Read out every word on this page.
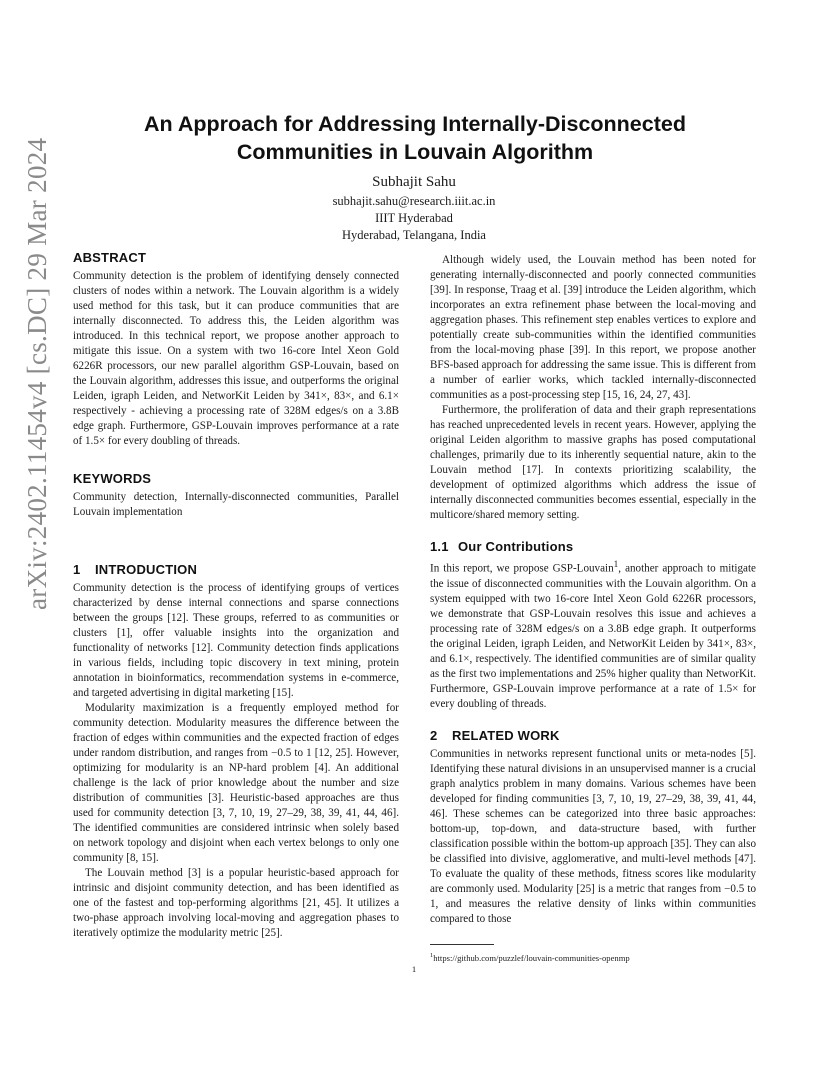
arXiv:2402.11454v4 [cs.DC] 29 Mar 2024
An Approach for Addressing Internally-Disconnected Communities in Louvain Algorithm
Subhajit Sahu
subhajit.sahu@research.iiit.ac.in
IIIT Hyderabad
Hyderabad, Telangana, India
ABSTRACT

Community detection is the problem of identifying densely connected clusters of nodes within a network. The Louvain algorithm is a widely used method for this task, but it can produce communities that are internally disconnected. To address this, the Leiden algorithm was introduced. In this technical report, we propose another approach to mitigate this issue. On a system with two 16-core Intel Xeon Gold 6226R processors, our new parallel algorithm GSP-Louvain, based on the Louvain algorithm, addresses this issue, and outperforms the original Leiden, igraph Leiden, and NetworKit Leiden by 341×, 83×, and 6.1× respectively - achieving a processing rate of 328M edges/s on a 3.8B edge graph. Furthermore, GSP-Louvain improves performance at a rate of 1.5× for every doubling of threads.

KEYWORDS

Community detection, Internally-disconnected communities, Parallel Louvain implementation

1 INTRODUCTION

Community detection is the process of identifying groups of vertices characterized by dense internal connections and sparse connections between the groups [12]. These groups, referred to as communities or clusters [1], offer valuable insights into the organization and functionality of networks [12]. Community detection finds applications in various fields, including topic discovery in text mining, protein annotation in bioinformatics, recommendation systems in e-commerce, and targeted advertising in digital marketing [15].

Modularity maximization is a frequently employed method for community detection. Modularity measures the difference between the fraction of edges within communities and the expected fraction of edges under random distribution, and ranges from −0.5 to 1 [12, 25]. However, optimizing for modularity is an NP-hard problem [4]. An additional challenge is the lack of prior knowledge about the number and size distribution of communities [3]. Heuristic-based approaches are thus used for community detection [3, 7, 10, 19, 27–29, 38, 39, 41, 44, 46]. The identified communities are considered intrinsic when solely based on network topology and disjoint when each vertex belongs to only one community [8, 15].

The Louvain method [3] is a popular heuristic-based approach for intrinsic and disjoint community detection, and has been identified as one of the fastest and top-performing algorithms [21, 45]. It utilizes a two-phase approach involving local-moving and aggregation phases to iteratively optimize the modularity metric [25].

Although widely used, the Louvain method has been noted for generating internally-disconnected and poorly connected communities [39]. In response, Traag et al. [39] introduce the Leiden algorithm, which incorporates an extra refinement phase between the local-moving and aggregation phases. This refinement step enables vertices to explore and potentially create sub-communities within the identified communities from the local-moving phase [39]. In this report, we propose another BFS-based approach for addressing the same issue. This is different from a number of earlier works, which tackled internally-disconnected communities as a post-processing step [15, 16, 24, 27, 43].

Furthermore, the proliferation of data and their graph representations has reached unprecedented levels in recent years. However, applying the original Leiden algorithm to massive graphs has posed computational challenges, primarily due to its inherently sequential nature, akin to the Louvain method [17]. In contexts prioritizing scalability, the development of optimized algorithms which address the issue of internally disconnected communities becomes essential, especially in the multicore/shared memory setting.

1.1 Our Contributions

In this report, we propose GSP-Louvain$^1$, another approach to mitigate the issue of disconnected communities with the Louvain algorithm. On a system equipped with two 16-core Intel Xeon Gold 6226R processors, we demonstrate that GSP-Louvain resolves this issue and achieves a processing rate of 328M edges/s on a 3.8B edge graph. It outperforms the original Leiden, igraph Leiden, and NetworKit Leiden by 341×, 83×, and 6.1×, respectively. The identified communities are of similar quality as the first two implementations and 25% higher quality than NetworKit. Furthermore, GSP-Louvain improve performance at a rate of 1.5× for every doubling of threads.

2 RELATED WORK

Communities in networks represent functional units or meta-nodes [5]. Identifying these natural divisions in an unsupervised manner is a crucial graph analytics problem in many domains. Various schemes have been developed for finding communities [3, 7, 10, 19, 27–29, 38, 39, 41, 44, 46]. These schemes can be categorized into three basic approaches: bottom-up, top-down, and data-structure based, with further classification possible within the bottom-up approach [35]. They can also be classified into divisive, agglomerative, and multi-level methods [47]. To evaluate the quality of these methods, fitness scores like modularity are commonly used. Modularity [25] is a metric that ranges from −0.5 to 1, and measures the relative density of links within communities compared to those

$^1$https://github.com/puzzlef/louvain-communities-openmp
1
